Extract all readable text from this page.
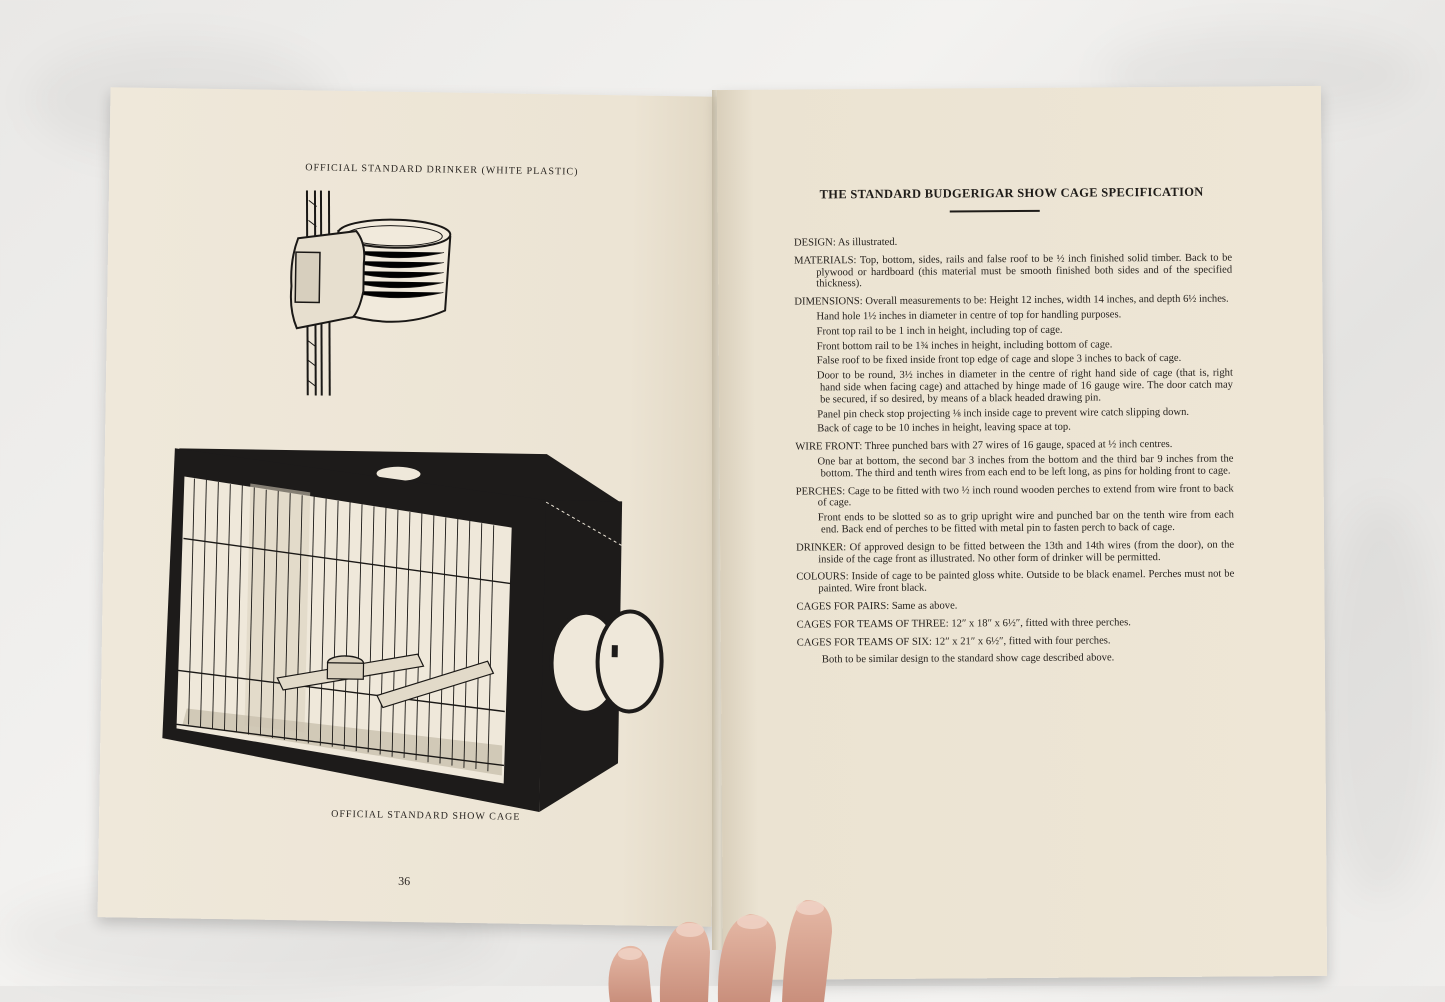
OFFICIAL STANDARD DRINKER (WHITE PLASTIC)
OFFICIAL STANDARD SHOW CAGE
36
THE STANDARD BUDGERIGAR SHOW CAGE SPECIFICATION
DESIGN: As illustrated.
MATERIALS: Top, bottom, sides, rails and false roof to be ½ inch finished solid timber. Back to be plywood or hardboard (this material must be smooth finished both sides and of the specified thickness).
DIMENSIONS: Overall measurements to be: Height 12 inches, width 14 inches, and depth 6½ inches.
Hand hole 1½ inches in diameter in centre of top for handling purposes.
Front top rail to be 1 inch in height, including top of cage.
Front bottom rail to be 1¾ inches in height, including bottom of cage.
False roof to be fixed inside front top edge of cage and slope 3 inches to back of cage.
Door to be round, 3½ inches in diameter in the centre of right hand side of cage (that is, right hand side when facing cage) and attached by hinge made of 16 gauge wire. The door catch may be secured, if so desired, by means of a black headed drawing pin.
Panel pin check stop projecting ⅛ inch inside cage to prevent wire catch slipping down.
Back of cage to be 10 inches in height, leaving space at top.
WIRE FRONT: Three punched bars with 27 wires of 16 gauge, spaced at ½ inch centres.
One bar at bottom, the second bar 3 inches from the bottom and the third bar 9 inches from the bottom. The third and tenth wires from each end to be left long, as pins for holding front to cage.
PERCHES: Cage to be fitted with two ½ inch round wooden perches to extend from wire front to back of cage.
Front ends to be slotted so as to grip upright wire and punched bar on the tenth wire from each end. Back end of perches to be fitted with metal pin to fasten perch to back of cage.
DRINKER: Of approved design to be fitted between the 13th and 14th wires (from the door), on the inside of the cage front as illustrated. No other form of drinker will be permitted.
COLOURS: Inside of cage to be painted gloss white. Outside to be black enamel. Perches must not be painted. Wire front black.
CAGES FOR PAIRS: Same as above.
CAGES FOR TEAMS OF THREE: 12″ x 18″ x 6½″, fitted with three perches.
CAGES FOR TEAMS OF SIX: 12″ x 21″ x 6½″, fitted with four perches.
Both to be similar design to the standard show cage described above.
